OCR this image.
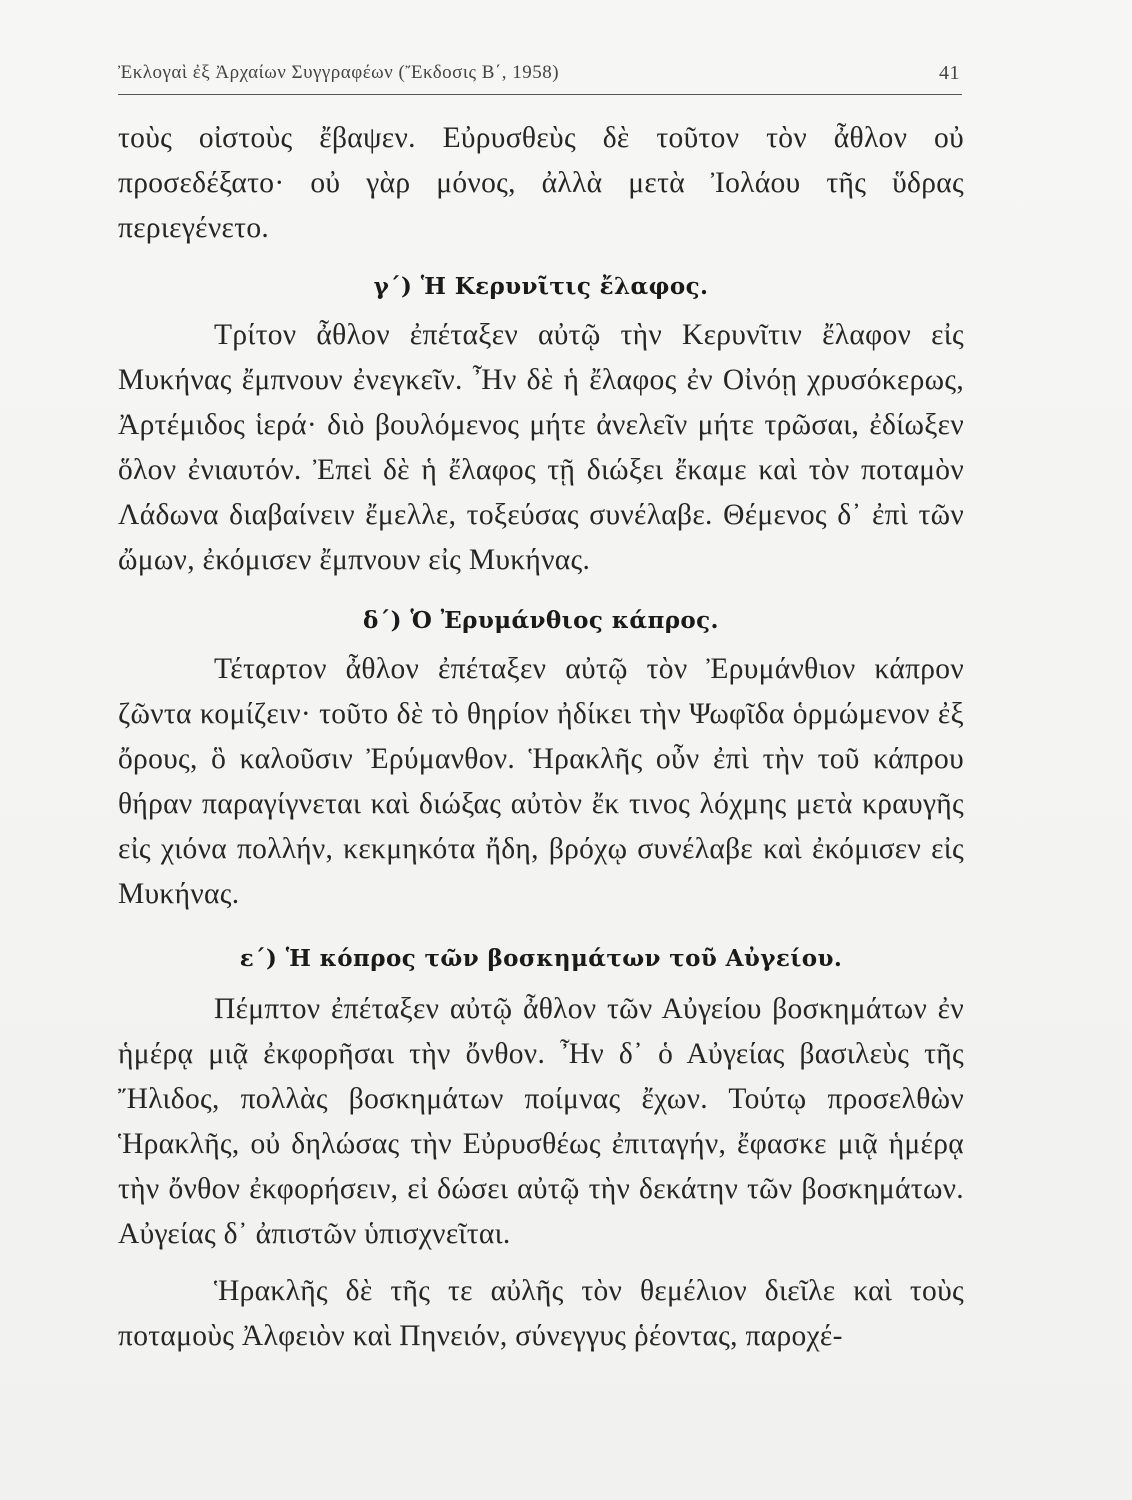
Ἐκλογαὶ ἐξ Ἀρχαίων Συγγραφέων (Ἔκδοσις Β΄, 1958)	41

τοὺς οἰστοὺς ἔβαψεν. Εὐρυσθεὺς δὲ τοῦτον τὸν ἆθλον οὐ προσεδέξατο· οὐ γὰρ μόνος, ἀλλὰ μετὰ Ἰολάου τῆς ὕδρας περιεγένετο.

γ΄) Ἡ Κερυνῖτις ἔλαφος.

Τρίτον ἆθλον ἐπέταξεν αὐτῷ τὴν Κερυνῖτιν ἔλαφον εἰς Μυκήνας ἔμπνουν ἐνεγκεῖν. Ἦν δὲ ἡ ἔλαφος ἐν Οἰνόῃ χρυσόκερως, Ἀρτέμιδος ἱερά· διὸ βουλόμενος μήτε ἀνελεῖν μήτε τρῶσαι, ἐδίωξεν ὅλον ἐνιαυτόν. Ἐπεὶ δὲ ἡ ἔλαφος τῇ διώξει ἔκαμε καὶ τὸν ποταμὸν Λάδωνα διαβαίνειν ἔμελλε, τοξεύσας συνέλαβε. Θέμενος δ᾽ ἐπὶ τῶν ὤμων, ἐκόμισεν ἔμπνουν εἰς Μυκήνας.

δ΄) Ὁ Ἐρυμάνθιος κάπρος.

Τέταρτον ἆθλον ἐπέταξεν αὐτῷ τὸν Ἐρυμάνθιον κάπρον ζῶντα κομίζειν· τοῦτο δὲ τὸ θηρίον ἠδίκει τὴν Ψωφῖδα ὁρμώμενον ἐξ ὄρους, ὃ καλοῦσιν Ἐρύμανθον. Ἡρακλῆς οὖν ἐπὶ τὴν τοῦ κάπρου θήραν παραγίγνεται καὶ διώξας αὐτὸν ἔκ τινος λόχμης μετὰ κραυγῆς εἰς χιόνα πολλήν, κεκμηκότα ἤδη, βρόχῳ συνέλαβε καὶ ἐκόμισεν εἰς Μυκήνας.

ε΄) Ἡ κόπρος τῶν βοσκημάτων τοῦ Αὐγείου.

Πέμπτον ἐπέταξεν αὐτῷ ἆθλον τῶν Αὐγείου βοσκημάτων ἐν ἡμέρᾳ μιᾷ ἐκφορῆσαι τὴν ὄνθον. Ἦν δ᾽ ὁ Αὐγείας βασιλεὺς τῆς Ἤλιδος, πολλὰς βοσκημάτων ποίμνας ἔχων. Τούτῳ προσελθὼν Ἡρακλῆς, οὐ δηλώσας τὴν Εὐρυσθέως ἐπιταγήν, ἔφασκε μιᾷ ἡμέρᾳ τὴν ὄνθον ἐκφορήσειν, εἰ δώσει αὐτῷ τὴν δεκάτην τῶν βοσκημάτων. Αὐγείας δ᾽ ἀπιστῶν ὑπισχνεῖται.

Ἡρακλῆς δὲ τῆς τε αὐλῆς τὸν θεμέλιον διεῖλε καὶ τοὺς ποταμοὺς Ἀλφειὸν καὶ Πηνειόν, σύνεγγυς ῥέοντας, παροχέ-
